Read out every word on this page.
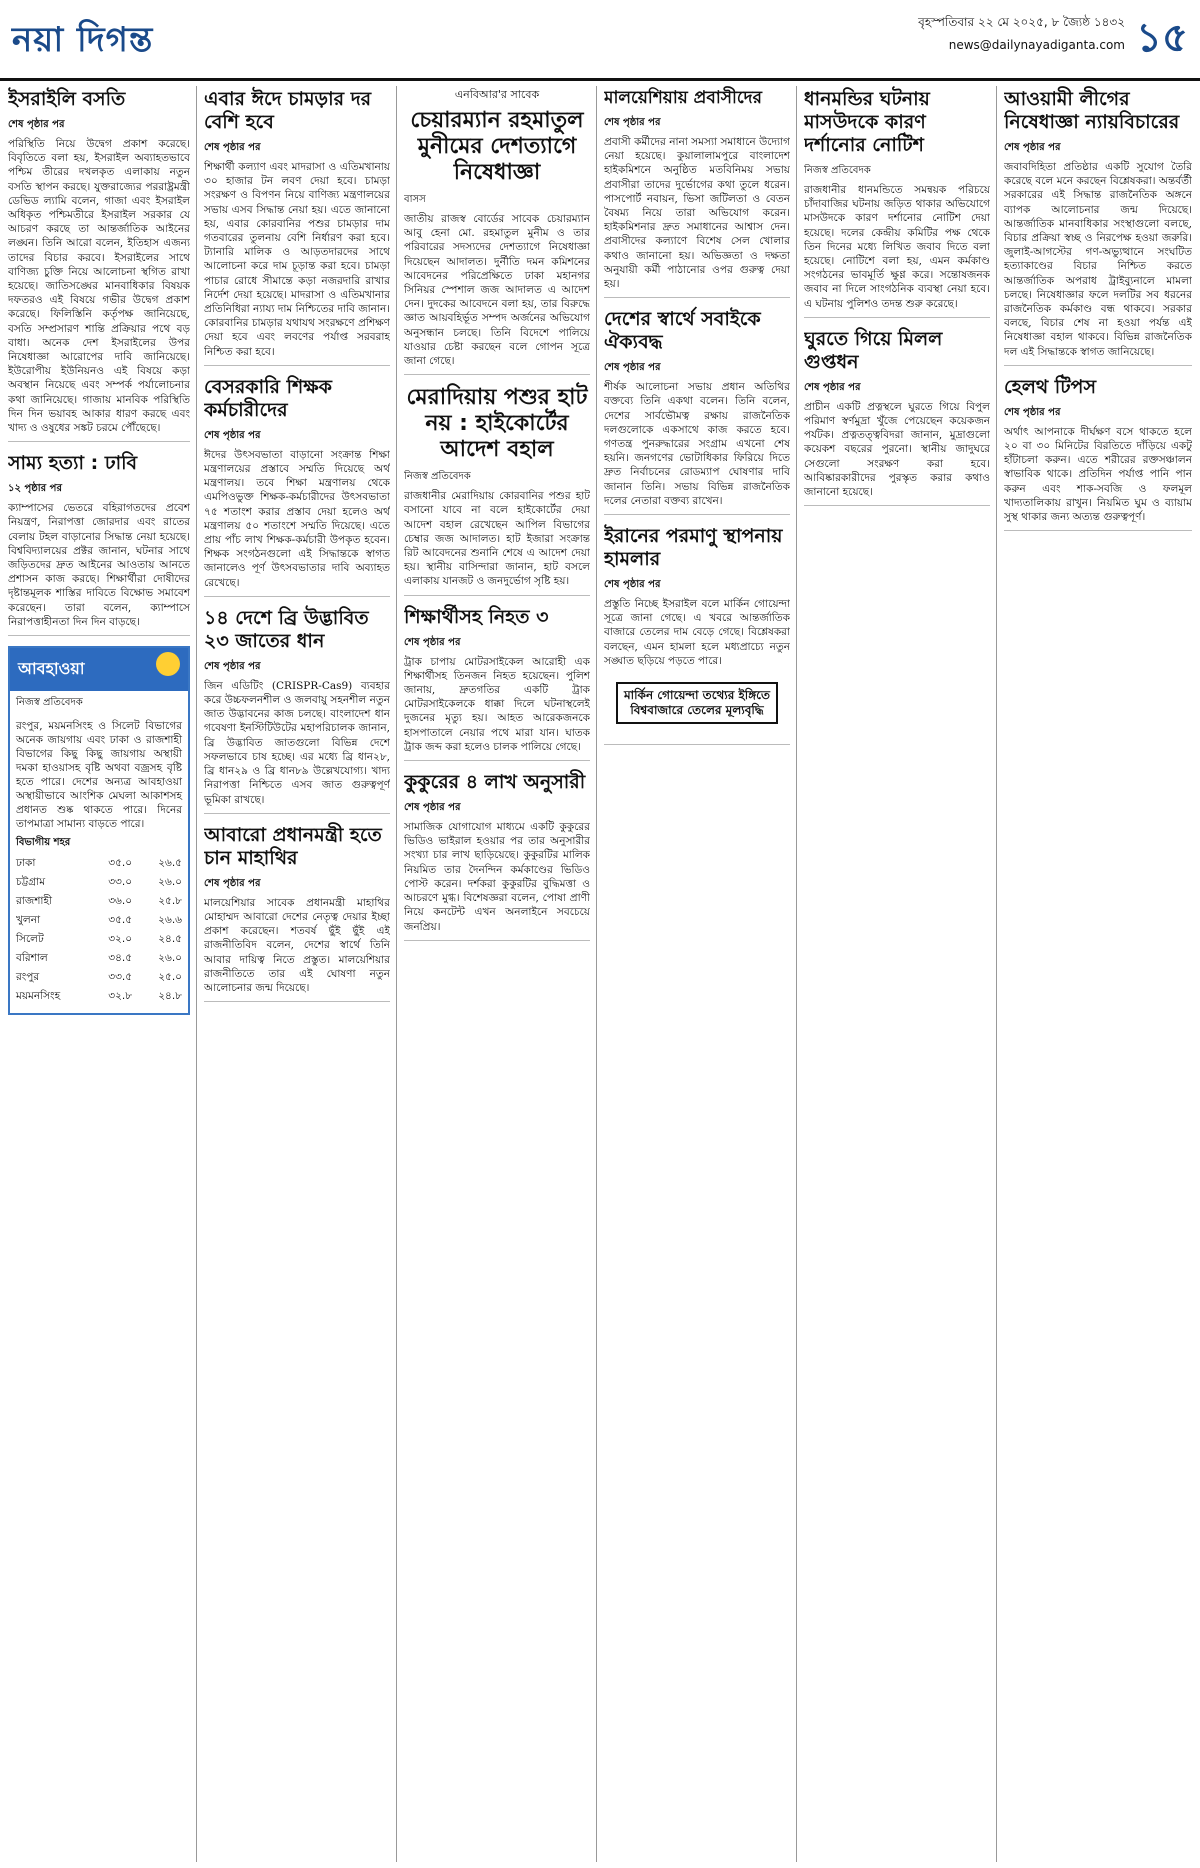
নয়া দিগন্ত	বৃহস্পতিবার ২২ মে ২০২৫, ৮ জ্যৈষ্ঠ ১৪৩২
news@dailynayadiganta.com ১৫
ইসরাইলি বসতি
শেষ পৃষ্ঠার পর
পরিস্থিতি নিয়ে উদ্বেগ প্রকাশ করেছে। বিবৃতিতে বলা হয়, ইসরাইল অব্যাহতভাবে পশ্চিম তীরের দখলকৃত এলাকায় নতুন বসতি স্থাপন করছে। যুক্তরাজ্যের পররাষ্ট্রমন্ত্রী ডেভিড ল্যামি বলেন, গাজা এবং ইসরাইল অধিকৃত পশ্চিমতীরে ইসরাইল সরকার যে আচরণ করছে তা আন্তর্জাতিক আইনের লঙ্ঘন। তিনি আরো বলেন, ইতিহাস এজন্য তাদের বিচার করবে। ইসরাইলের সাথে বাণিজ্য চুক্তি নিয়ে আলোচনা স্থগিত রাখা হয়েছে। জাতিসঙ্ঘের মানবাধিকার বিষয়ক দফতরও এই বিষয়ে গভীর উদ্বেগ প্রকাশ করেছে। ফিলিস্তিনি কর্তৃপক্ষ জানিয়েছে, বসতি সম্প্রসারণ শান্তি প্রক্রিয়ার পথে বড় বাধা। অনেক দেশ ইসরাইলের উপর নিষেধাজ্ঞা আরোপের দাবি জানিয়েছে। ইউরোপীয় ইউনিয়নও এই বিষয়ে কড়া অবস্থান নিয়েছে এবং সম্পর্ক পর্যালোচনার কথা জানিয়েছে। গাজায় মানবিক পরিস্থিতি দিন দিন ভয়াবহ আকার ধারণ করছে এবং খাদ্য ও ওষুধের সঙ্কট চরমে পৌঁছেছে।
সাম্য হত্যা : ঢাবি
১২ পৃষ্ঠার পর
ক্যাম্পাসের ভেতরে বহিরাগতদের প্রবেশ নিয়ন্ত্রণ, নিরাপত্তা জোরদার এবং রাতের বেলায় টহল বাড়ানোর সিদ্ধান্ত নেয়া হয়েছে। বিশ্ববিদ্যালয়ের প্রক্টর জানান, ঘটনার সাথে জড়িতদের দ্রুত আইনের আওতায় আনতে প্রশাসন কাজ করছে। শিক্ষার্থীরা দোষীদের দৃষ্টান্তমূলক শাস্তির দাবিতে বিক্ষোভ সমাবেশ করেছেন। তারা বলেন, ক্যাম্পাসে নিরাপত্তাহীনতা দিন দিন বাড়ছে।
আবহাওয়া
নিজস্ব প্রতিবেদক
রংপুর, ময়মনসিংহ ও সিলেট বিভাগের অনেক জায়গায় এবং ঢাকা ও রাজশাহী বিভাগের কিছু কিছু জায়গায় অস্থায়ী দমকা হাওয়াসহ বৃষ্টি অথবা বজ্রসহ বৃষ্টি হতে পারে। দেশের অন্যত্র আবহাওয়া অস্থায়ীভাবে আংশিক মেঘলা আকাশসহ প্রধানত শুষ্ক থাকতে পারে। দিনের তাপমাত্রা সামান্য বাড়তে পারে।
বিভাগীয় শহর
ঢাকা	৩৫.০	২৬.৫
চট্টগ্রাম	৩৩.০	২৬.০
রাজশাহী	৩৬.০	২৫.৮
খুলনা	৩৫.৫	২৬.৬
সিলেট	৩২.০	২৪.৫
বরিশাল	৩৪.৫	২৬.০
রংপুর	৩৩.৫	২৫.০
ময়মনসিংহ	৩২.৮	২৪.৮
এবার ঈদে চামড়ার দর বেশি হবে
শেষ পৃষ্ঠার পর
শিক্ষার্থী কল্যাণ এবং মাদরাসা ও এতিমখানায় ৩০ হাজার টন লবণ দেয়া হবে। চামড়া সংরক্ষণ ও বিপণন নিয়ে বাণিজ্য মন্ত্রণালয়ের সভায় এসব সিদ্ধান্ত নেয়া হয়। এতে জানানো হয়, এবার কোরবানির পশুর চামড়ার দাম গতবারের তুলনায় বেশি নির্ধারণ করা হবে। ট্যানারি মালিক ও আড়তদারদের সাথে আলোচনা করে দাম চূড়ান্ত করা হবে। চামড়া পাচার রোধে সীমান্তে কড়া নজরদারি রাখার নির্দেশ দেয়া হয়েছে। মাদরাসা ও এতিমখানার প্রতিনিধিরা ন্যায্য দাম নিশ্চিতের দাবি জানান। কোরবানির চামড়ার যথাযথ সংরক্ষণে প্রশিক্ষণ দেয়া হবে এবং লবণের পর্যাপ্ত সরবরাহ নিশ্চিত করা হবে।
বেসরকারি শিক্ষক কর্মচারীদের
শেষ পৃষ্ঠার পর
ঈদের উৎসবভাতা বাড়ানো সংক্রান্ত শিক্ষা মন্ত্রণালয়ের প্রস্তাবে সম্মতি দিয়েছে অর্থ মন্ত্রণালয়। তবে শিক্ষা মন্ত্রণালয় থেকে এমপিওভুক্ত শিক্ষক-কর্মচারীদের উৎসবভাতা ৭৫ শতাংশ করার প্রস্তাব দেয়া হলেও অর্থ মন্ত্রণালয় ৫০ শতাংশে সম্মতি দিয়েছে। এতে প্রায় পাঁচ লাখ শিক্ষক-কর্মচারী উপকৃত হবেন। শিক্ষক সংগঠনগুলো এই সিদ্ধান্তকে স্বাগত জানালেও পূর্ণ উৎসবভাতার দাবি অব্যাহত রেখেছে।
১৪ দেশে ব্রি উদ্ভাবিত ২৩ জাতের ধান
শেষ পৃষ্ঠার পর
জিন এডিটিং (CRISPR-Cas9) ব্যবহার করে উচ্চফলনশীল ও জলবায়ু সহনশীল নতুন জাত উদ্ভাবনের কাজ চলছে। বাংলাদেশ ধান গবেষণা ইনস্টিটিউটের মহাপরিচালক জানান, ব্রি উদ্ভাবিত জাতগুলো বিভিন্ন দেশে সফলভাবে চাষ হচ্ছে। এর মধ্যে ব্রি ধান২৮, ব্রি ধান২৯ ও ব্রি ধান৮৯ উল্লেখযোগ্য। খাদ্য নিরাপত্তা নিশ্চিতে এসব জাত গুরুত্বপূর্ণ ভূমিকা রাখছে।
আবারো প্রধানমন্ত্রী হতে চান মাহাথির
শেষ পৃষ্ঠার পর
মালয়েশিয়ার সাবেক প্রধানমন্ত্রী মাহাথির মোহাম্মদ আবারো দেশের নেতৃত্ব দেয়ার ইচ্ছা প্রকাশ করেছেন। শতবর্ষ ছুঁই ছুঁই এই রাজনীতিবিদ বলেন, দেশের স্বার্থে তিনি আবার দায়িত্ব নিতে প্রস্তুত। মালয়েশিয়ার রাজনীতিতে তার এই ঘোষণা নতুন আলোচনার জন্ম দিয়েছে।
এনবিআর'র সাবেক
চেয়ারম্যান রহমাতুল মুনীমের দেশত্যাগে নিষেধাজ্ঞা
বাসস
জাতীয় রাজস্ব বোর্ডের সাবেক চেয়ারম্যান আবু হেনা মো. রহমাতুল মুনীম ও তার পরিবারের সদস্যদের দেশত্যাগে নিষেধাজ্ঞা দিয়েছেন আদালত। দুর্নীতি দমন কমিশনের আবেদনের পরিপ্রেক্ষিতে ঢাকা মহানগর সিনিয়র স্পেশাল জজ আদালত এ আদেশ দেন। দুদকের আবেদনে বলা হয়, তার বিরুদ্ধে জ্ঞাত আয়বহির্ভূত সম্পদ অর্জনের অভিযোগ অনুসন্ধান চলছে। তিনি বিদেশে পালিয়ে যাওয়ার চেষ্টা করছেন বলে গোপন সূত্রে জানা গেছে।
মেরাদিয়ায় পশুর হাট নয় : হাইকোর্টের আদেশ বহাল
নিজস্ব প্রতিবেদক
রাজধানীর মেরাদিয়ায় কোরবানির পশুর হাট বসানো যাবে না বলে হাইকোর্টের দেয়া আদেশ বহাল রেখেছেন আপিল বিভাগের চেম্বার জজ আদালত। হাট ইজারা সংক্রান্ত রিট আবেদনের শুনানি শেষে এ আদেশ দেয়া হয়। স্থানীয় বাসিন্দারা জানান, হাট বসলে এলাকায় যানজট ও জনদুর্ভোগ সৃষ্টি হয়।
শিক্ষার্থীসহ নিহত ৩
শেষ পৃষ্ঠার পর
ট্রাক চাপায় মোটরসাইকেল আরোহী এক শিক্ষার্থীসহ তিনজন নিহত হয়েছেন। পুলিশ জানায়, দ্রুতগতির একটি ট্রাক মোটরসাইকেলকে ধাক্কা দিলে ঘটনাস্থলেই দুজনের মৃত্যু হয়। আহত আরেকজনকে হাসপাতালে নেয়ার পথে মারা যান। ঘাতক ট্রাক জব্দ করা হলেও চালক পালিয়ে গেছে।
কুকুরের ৪ লাখ অনুসারী
শেষ পৃষ্ঠার পর
সামাজিক যোগাযোগ মাধ্যমে একটি কুকুরের ভিডিও ভাইরাল হওয়ার পর তার অনুসারীর সংখ্যা চার লাখ ছাড়িয়েছে। কুকুরটির মালিক নিয়মিত তার দৈনন্দিন কর্মকাণ্ডের ভিডিও পোস্ট করেন। দর্শকরা কুকুরটির বুদ্ধিমত্তা ও আচরণে মুগ্ধ। বিশেষজ্ঞরা বলেন, পোষা প্রাণী নিয়ে কনটেন্ট এখন অনলাইনে সবচেয়ে জনপ্রিয়।
মালয়েশিয়ায় প্রবাসীদের
শেষ পৃষ্ঠার পর
প্রবাসী কর্মীদের নানা সমস্যা সমাধানে উদ্যোগ নেয়া হয়েছে। কুয়ালালামপুরে বাংলাদেশ হাইকমিশনে অনুষ্ঠিত মতবিনিময় সভায় প্রবাসীরা তাদের দুর্ভোগের কথা তুলে ধরেন। পাসপোর্ট নবায়ন, ভিসা জটিলতা ও বেতন বৈষম্য নিয়ে তারা অভিযোগ করেন। হাইকমিশনার দ্রুত সমাধানের আশ্বাস দেন। প্রবাসীদের কল্যাণে বিশেষ সেল খোলার কথাও জানানো হয়। অভিজ্ঞতা ও দক্ষতা অনুযায়ী কর্মী পাঠানোর ওপর গুরুত্ব দেয়া হয়।
দেশের স্বার্থে সবাইকে ঐক্যবদ্ধ
শেষ পৃষ্ঠার পর
শীর্ষক আলোচনা সভায় প্রধান অতিথির বক্তব্যে তিনি একথা বলেন। তিনি বলেন, দেশের সার্বভৌমত্ব রক্ষায় রাজনৈতিক দলগুলোকে একসাথে কাজ করতে হবে। গণতন্ত্র পুনরুদ্ধারের সংগ্রাম এখনো শেষ হয়নি। জনগণের ভোটাধিকার ফিরিয়ে দিতে দ্রুত নির্বাচনের রোডম্যাপ ঘোষণার দাবি জানান তিনি। সভায় বিভিন্ন রাজনৈতিক দলের নেতারা বক্তব্য রাখেন।
ইরানের পরমাণু স্থাপনায় হামলার
শেষ পৃষ্ঠার পর
প্রস্তুতি নিচ্ছে ইসরাইল বলে মার্কিন গোয়েন্দা সূত্রে জানা গেছে। এ খবরে আন্তর্জাতিক বাজারে তেলের দাম বেড়ে গেছে। বিশ্লেষকরা বলছেন, এমন হামলা হলে মধ্যপ্রাচ্যে নতুন সঙ্ঘাত ছড়িয়ে পড়তে পারে।
মার্কিন গোয়েন্দা তথ্যের ইঙ্গিতে বিশ্ববাজারে তেলের মূল্যবৃদ্ধি
ধানমন্ডির ঘটনায় মাসউদকে কারণ দর্শানোর নোটিশ
নিজস্ব প্রতিবেদক
রাজধানীর ধানমন্ডিতে সমন্বয়ক পরিচয়ে চাঁদাবাজির ঘটনায় জড়িত থাকার অভিযোগে মাসউদকে কারণ দর্শানোর নোটিশ দেয়া হয়েছে। দলের কেন্দ্রীয় কমিটির পক্ষ থেকে তিন দিনের মধ্যে লিখিত জবাব দিতে বলা হয়েছে। নোটিশে বলা হয়, এমন কর্মকাণ্ড সংগঠনের ভাবমূর্তি ক্ষুণ্ণ করে। সন্তোষজনক জবাব না দিলে সাংগঠনিক ব্যবস্থা নেয়া হবে। এ ঘটনায় পুলিশও তদন্ত শুরু করেছে।
ঘুরতে গিয়ে মিলল গুপ্তধন
শেষ পৃষ্ঠার পর
প্রাচীন একটি প্রত্নস্থলে ঘুরতে গিয়ে বিপুল পরিমাণ স্বর্ণমুদ্রা খুঁজে পেয়েছেন কয়েকজন পর্যটক। প্রত্নতত্ত্ববিদরা জানান, মুদ্রাগুলো কয়েকশ বছরের পুরনো। স্থানীয় জাদুঘরে সেগুলো সংরক্ষণ করা হবে। আবিষ্কারকারীদের পুরস্কৃত করার কথাও জানানো হয়েছে।
আওয়ামী লীগের নিষেধাজ্ঞা ন্যায়বিচারের
শেষ পৃষ্ঠার পর
জবাবদিহিতা প্রতিষ্ঠার একটি সুযোগ তৈরি করেছে বলে মনে করছেন বিশ্লেষকরা। অন্তর্বর্তী সরকারের এই সিদ্ধান্ত রাজনৈতিক অঙ্গনে ব্যাপক আলোচনার জন্ম দিয়েছে। আন্তর্জাতিক মানবাধিকার সংস্থাগুলো বলছে, বিচার প্রক্রিয়া স্বচ্ছ ও নিরপেক্ষ হওয়া জরুরি। জুলাই-আগস্টের গণ-অভ্যুত্থানে সংঘটিত হত্যাকাণ্ডের বিচার নিশ্চিত করতে আন্তর্জাতিক অপরাধ ট্রাইব্যুনালে মামলা চলছে। নিষেধাজ্ঞার ফলে দলটির সব ধরনের রাজনৈতিক কর্মকাণ্ড বন্ধ থাকবে। সরকার বলছে, বিচার শেষ না হওয়া পর্যন্ত এই নিষেধাজ্ঞা বহাল থাকবে। বিভিন্ন রাজনৈতিক দল এই সিদ্ধান্তকে স্বাগত জানিয়েছে।
হেলথ টিপস
শেষ পৃষ্ঠার পর
অর্থাৎ আপনাকে দীর্ঘক্ষণ বসে থাকতে হলে ২০ বা ৩০ মিনিটের বিরতিতে দাঁড়িয়ে একটু হাঁটাচলা করুন। এতে শরীরের রক্তসঞ্চালন স্বাভাবিক থাকে। প্রতিদিন পর্যাপ্ত পানি পান করুন এবং শাক-সবজি ও ফলমূল খাদ্যতালিকায় রাখুন। নিয়মিত ঘুম ও ব্যায়াম সুস্থ থাকার জন্য অত্যন্ত গুরুত্বপূর্ণ।
